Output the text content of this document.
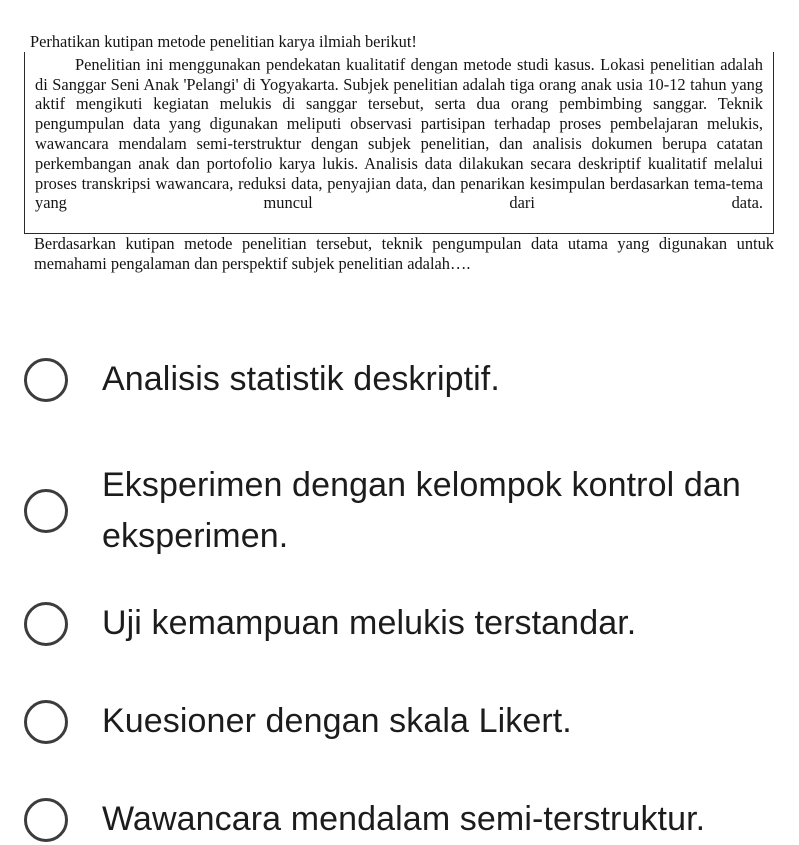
Perhatikan kutipan metode penelitian karya ilmiah berikut!

Penelitian ini menggunakan pendekatan kualitatif dengan metode studi kasus. Lokasi penelitian adalah di Sanggar Seni Anak 'Pelangi' di Yogyakarta. Subjek penelitian adalah tiga orang anak usia 10-12 tahun yang aktif mengikuti kegiatan melukis di sanggar tersebut, serta dua orang pembimbing sanggar. Teknik pengumpulan data yang digunakan meliputi observasi partisipan terhadap proses pembelajaran melukis, wawancara mendalam semi-terstruktur dengan subjek penelitian, dan analisis dokumen berupa catatan perkembangan anak dan portofolio karya lukis. Analisis data dilakukan secara deskriptif kualitatif melalui proses transkripsi wawancara, reduksi data, penyajian data, dan penarikan kesimpulan berdasarkan tema-tema yang muncul dari data.

Berdasarkan kutipan metode penelitian tersebut, teknik pengumpulan data utama yang digunakan untuk memahami pengalaman dan perspektif subjek penelitian adalah….

Analisis statistik deskriptif.
Eksperimen dengan kelompok kontrol dan eksperimen.
Uji kemampuan melukis terstandar.
Kuesioner dengan skala Likert.
Wawancara mendalam semi-terstruktur.
